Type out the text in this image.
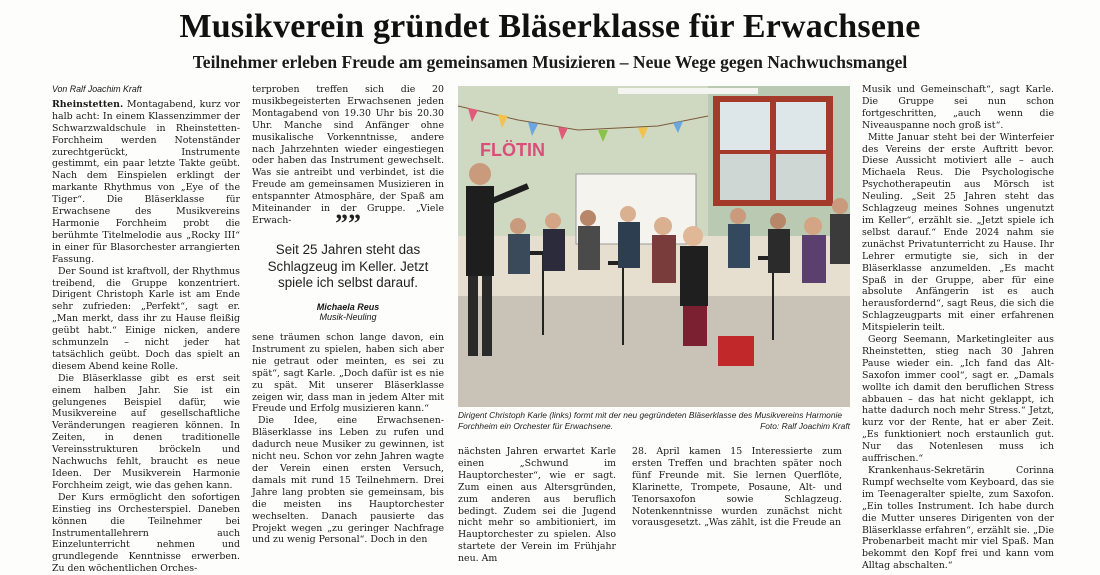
Musikverein gründet Bläserklasse für Erwachsene
Teilnehmer erleben Freude am gemeinsamen Musizieren – Neue Wege gegen Nachwuchsmangel
Von Ralf Joachim Kraft

Rheinstetten. Montagabend, kurz vor halb acht: In einem Klassenzimmer der Schwarzwaldschule in Rheinstetten-Forchheim werden Notenständer zurechtgerückt, Instrumente gestimmt, ein paar letzte Takte geübt. Nach dem Einspielen erklingt der markante Rhythmus von „Eye of the Tiger“. Die Bläserklasse für Erwachsene des Musikvereins Harmonie Forchheim probt die berühmte Titelmelodie aus „Rocky III“ in einer für Blasorchester arrangierten Fassung.

Der Sound ist kraftvoll, der Rhythmus treibend, die Gruppe konzentriert. Dirigent Christoph Karle ist am Ende sehr zufrieden: „Perfekt“, sagt er. „Man merkt, dass ihr zu Hause fleißig geübt habt.“ Einige nicken, andere schmunzeln – nicht jeder hat tatsächlich geübt. Doch das spielt an diesem Abend keine Rolle.

Die Bläserklasse gibt es erst seit einem halben Jahr. Sie ist ein gelungenes Beispiel dafür, wie Musikvereine auf gesellschaftliche Veränderungen reagieren können. In Zeiten, in denen traditionelle Vereinsstrukturen bröckeln und Nachwuchs fehlt, braucht es neue Ideen. Der Musikverein Harmonie Forchheim zeigt, wie das gehen kann.

Der Kurs ermöglicht den sofortigen Einstieg ins Orchesterspiel. Daneben können die Teilnehmer bei Instrumentallehrern auch Einzelunterricht nehmen und grundlegende Kenntnisse erwerben. Zu den wöchentlichen Orches-

terproben treffen sich die 20 musikbegeisterten Erwachsenen jeden Montagabend von 19.30 Uhr bis 20.30 Uhr. Manche sind Anfänger ohne musikalische Vorkenntnisse, andere nach Jahrzehnten wieder eingestiegen oder haben das Instrument gewechselt. Was sie antreibt und verbindet, ist die Freude am gemeinsamen Musizieren in entspannter Atmosphäre, der Spaß am Miteinander in der Gruppe. „Viele Erwach-	””
Seit 25 Jahren steht das Schlagzeug im Keller. Jetzt spiele ich selbst darauf.
Michaela Reus
Musik-Neuling

sene träumen schon lange davon, ein Instrument zu spielen, haben sich aber nie getraut oder meinten, es sei zu spät“, sagt Karle. „Doch dafür ist es nie zu spät. Mit unserer Bläserklasse zeigen wir, dass man in jedem Alter mit Freude und Erfolg musizieren kann.“

Die Idee, eine Erwachsenen-Bläserklasse ins Leben zu rufen und dadurch neue Musiker zu gewinnen, ist nicht neu. Schon vor zehn Jahren wagte der Verein einen ersten Versuch, damals mit rund 15 Teilnehmern. Drei Jahre lang probten sie gemeinsam, bis die meisten ins Hauptorchester wechselten. Danach pausierte das Projekt wegen „zu geringer Nachfrage und zu wenig Personal“. Doch in den

FLÖTIN
Dirigent Christoph Karle (links) formt mit der neu gegründeten Bläserklasse des Musikvereins Harmonie Forchheim ein Orchester für Erwachsene.	Foto: Ralf Joachim Kraft

nächsten Jahren erwartet Karle einen „Schwund im Hauptorchester“, wie er sagt. Zum einen aus Altersgründen, zum anderen aus beruflich bedingt. Zudem sei die Jugend nicht mehr so ambitioniert, im Hauptorchester zu spielen. Also startete der Verein im Frühjahr neu. Am

28. April kamen 15 Interessierte zum ersten Treffen und brachten später noch fünf Freunde mit. Sie lernen Querflöte, Klarinette, Trompete, Posaune, Alt- und Tenorsaxofon sowie Schlagzeug. Notenkenntnisse wurden zunächst nicht vorausgesetzt. „Was zählt, ist die Freude an

Musik und Gemeinschaft“, sagt Karle. Die Gruppe sei nun schon fortgeschritten, „auch wenn die Niveauspanne noch groß ist“.

Mitte Januar steht bei der Winterfeier des Vereins der erste Auftritt bevor. Diese Aussicht motiviert alle – auch Michaela Reus. Die Psychologische Psychotherapeutin aus Mörsch ist Neuling. „Seit 25 Jahren steht das Schlagzeug meines Sohnes ungenutzt im Keller“, erzählt sie. „Jetzt spiele ich selbst darauf.“ Ende 2024 nahm sie zunächst Privatunterricht zu Hause. Ihr Lehrer ermutigte sie, sich in der Bläserklasse anzumelden. „Es macht Spaß in der Gruppe, aber für eine absolute Anfängerin ist es auch herausfordernd“, sagt Reus, die sich die Schlagzeugparts mit einer erfahrenen Mitspielerin teilt.

Georg Seemann, Marketingleiter aus Rheinstetten, stieg nach 30 Jahren Pause wieder ein. „Ich fand das Alt-Saxofon immer cool“, sagt er. „Damals wollte ich damit den beruflichen Stress abbauen – das hat nicht geklappt, ich hatte dadurch noch mehr Stress.“ Jetzt, kurz vor der Rente, hat er aber Zeit. „Es funktioniert noch erstaunlich gut. Nur das Notenlesen muss ich auffrischen.“

Krankenhaus-Sekretärin Corinna Rumpf wechselte vom Keyboard, das sie im Teenageralter spielte, zum Saxofon. „Ein tolles Instrument. Ich habe durch die Mutter unseres Dirigenten von der Bläserklasse erfahren“, erzählt sie. „Die Probenarbeit macht mir viel Spaß. Man bekommt den Kopf frei und kann vom Alltag abschalten.“
